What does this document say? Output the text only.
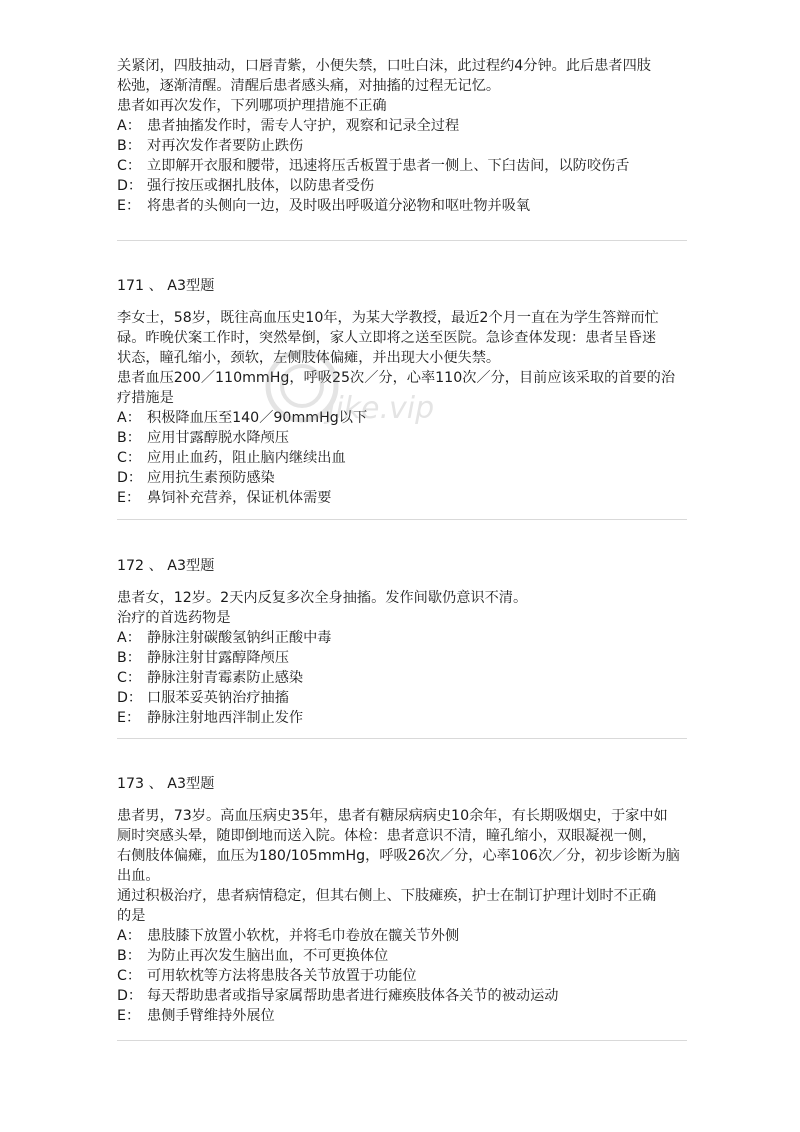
关紧闭，四肢抽动，口唇青紫，小便失禁，口吐白沫，此过程约4分钟。此后患者四肢

松弛，逐渐清醒。清醒后患者感头痛，对抽搐的过程无记忆。

患者如再次发作，下列哪项护理措施不正确

A： 患者抽搐发作时，需专人守护，观察和记录全过程

B： 对再次发作者要防止跌伤

C： 立即解开衣服和腰带，迅速将压舌板置于患者一侧上、下臼齿间，以防咬伤舌

D： 强行按压或捆扎肢体，以防患者受伤

E： 将患者的头侧向一边，及时吸出呼吸道分泌物和呕吐物并吸氧

171 、 A3型题

李女士，58岁，既往高血压史10年，为某大学教授，最近2个月一直在为学生答辩而忙

碌。昨晚伏案工作时，突然晕倒，家人立即将之送至医院。急诊查体发现：患者呈昏迷

状态，瞳孔缩小，颈软，左侧肢体偏瘫，并出现大小便失禁。

患者血压200／110mmHg，呼吸25次／分，心率110次／分，目前应该采取的首要的治

疗措施是

A： 积极降血压至140／90mmHg以下

B： 应用甘露醇脱水降颅压

C： 应用止血药，阻止脑内继续出血

D： 应用抗生素预防感染

E： 鼻饲补充营养，保证机体需要

172 、 A3型题

患者女，12岁。2天内反复多次全身抽搐。发作间歇仍意识不清。

治疗的首选药物是

A： 静脉注射碳酸氢钠纠正酸中毒

B： 静脉注射甘露醇降颅压

C： 静脉注射青霉素防止感染

D： 口服苯妥英钠治疗抽搐

E： 静脉注射地西泮制止发作

173 、 A3型题

患者男，73岁。高血压病史35年，患者有糖尿病病史10余年，有长期吸烟史，于家中如

厕时突感头晕，随即倒地而送入院。体检：患者意识不清，瞳孔缩小，双眼凝视一侧，

右侧肢体偏瘫，血压为180/105mmHg，呼吸26次／分，心率106次／分，初步诊断为脑

出血。

通过积极治疗，患者病情稳定，但其右侧上、下肢瘫痪，护士在制订护理计划时不正确

的是

A： 患肢膝下放置小软枕，并将毛巾卷放在髋关节外侧

B： 为防止再次发生脑出血，不可更换体位

C： 可用软枕等方法将患肢各关节放置于功能位

D： 每天帮助患者或指导家属帮助患者进行瘫痪肢体各关节的被动运动

E： 患侧手臂维持外展位

jike.vip
